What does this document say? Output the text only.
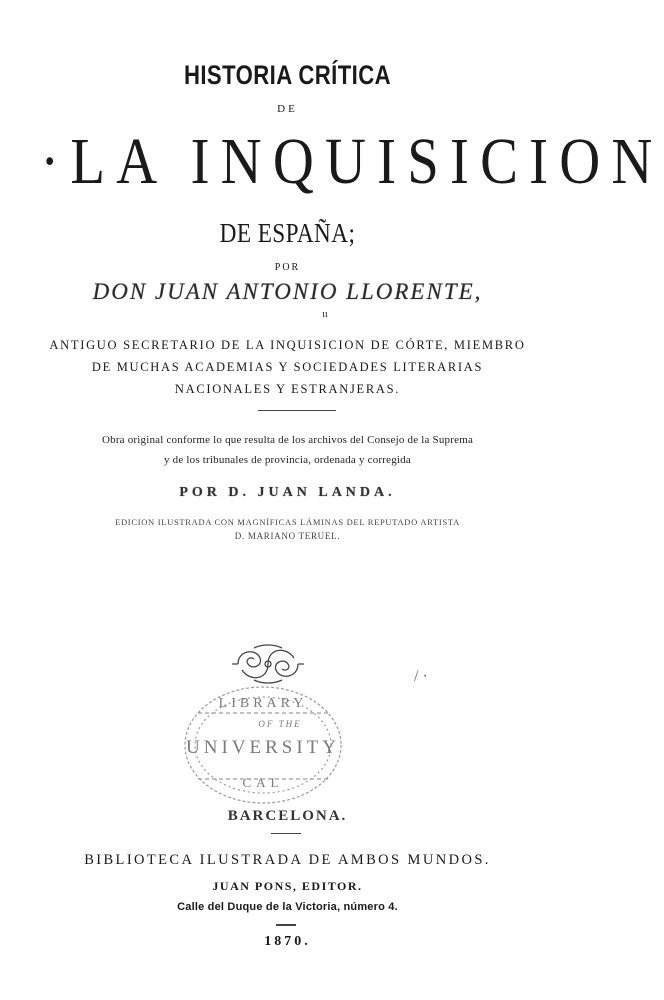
HISTORIA CRÍTICA
DE
·LA INQUISICION
DE ESPAÑA;
POR
DON JUAN ANTONIO LLORENTE,
ιι
ANTIGUO SECRETARIO DE LA INQUISICION DE CÓRTE, MIEMBRO
DE MUCHAS ACADEMIAS Y SOCIEDADES LITERARIAS
NACIONALES Y ESTRANJERAS.
Obra original conforme lo que resulta de los archivos del Consejo de la Suprema
y de los tribunales de provincia, ordenada y corregida
POR D. JUAN LANDA.
EDICION ILUSTRADA CON MAGNÍFICAS LÁMINAS DEL REPUTADO ARTISTA
D. MARIANO TERUEL.
LIBRARY
OF THE
UNIVERSITY
CAL
/ ·
BARCELONA.
BIBLIOTECA ILUSTRADA DE AMBOS MUNDOS.
JUAN PONS, EDITOR.
Calle del Duque de la Victoria, número 4.
1870.
